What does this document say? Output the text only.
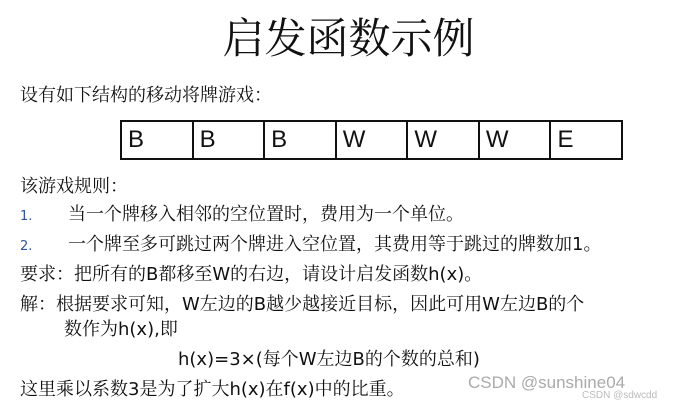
启发函数示例
设有如下结构的移动将牌游戏：
B	B	B	W	W	W	E
该游戏规则：
1. 当一个牌移入相邻的空位置时，费用为一个单位。
2. 一个牌至多可跳过两个牌进入空位置，其费用等于跳过的牌数加1。
要求：把所有的B都移至W的右边，请设计启发函数h(x)。
解：根据要求可知，W左边的B越少越接近目标，因此可用W左边B的个
数作为h(x),即
h(x)=3×(每个W左边B的个数的总和)
这里乘以系数3是为了扩大h(x)在f(x)中的比重。	CSDN @sunshine04
CSDN @sdwcdd
